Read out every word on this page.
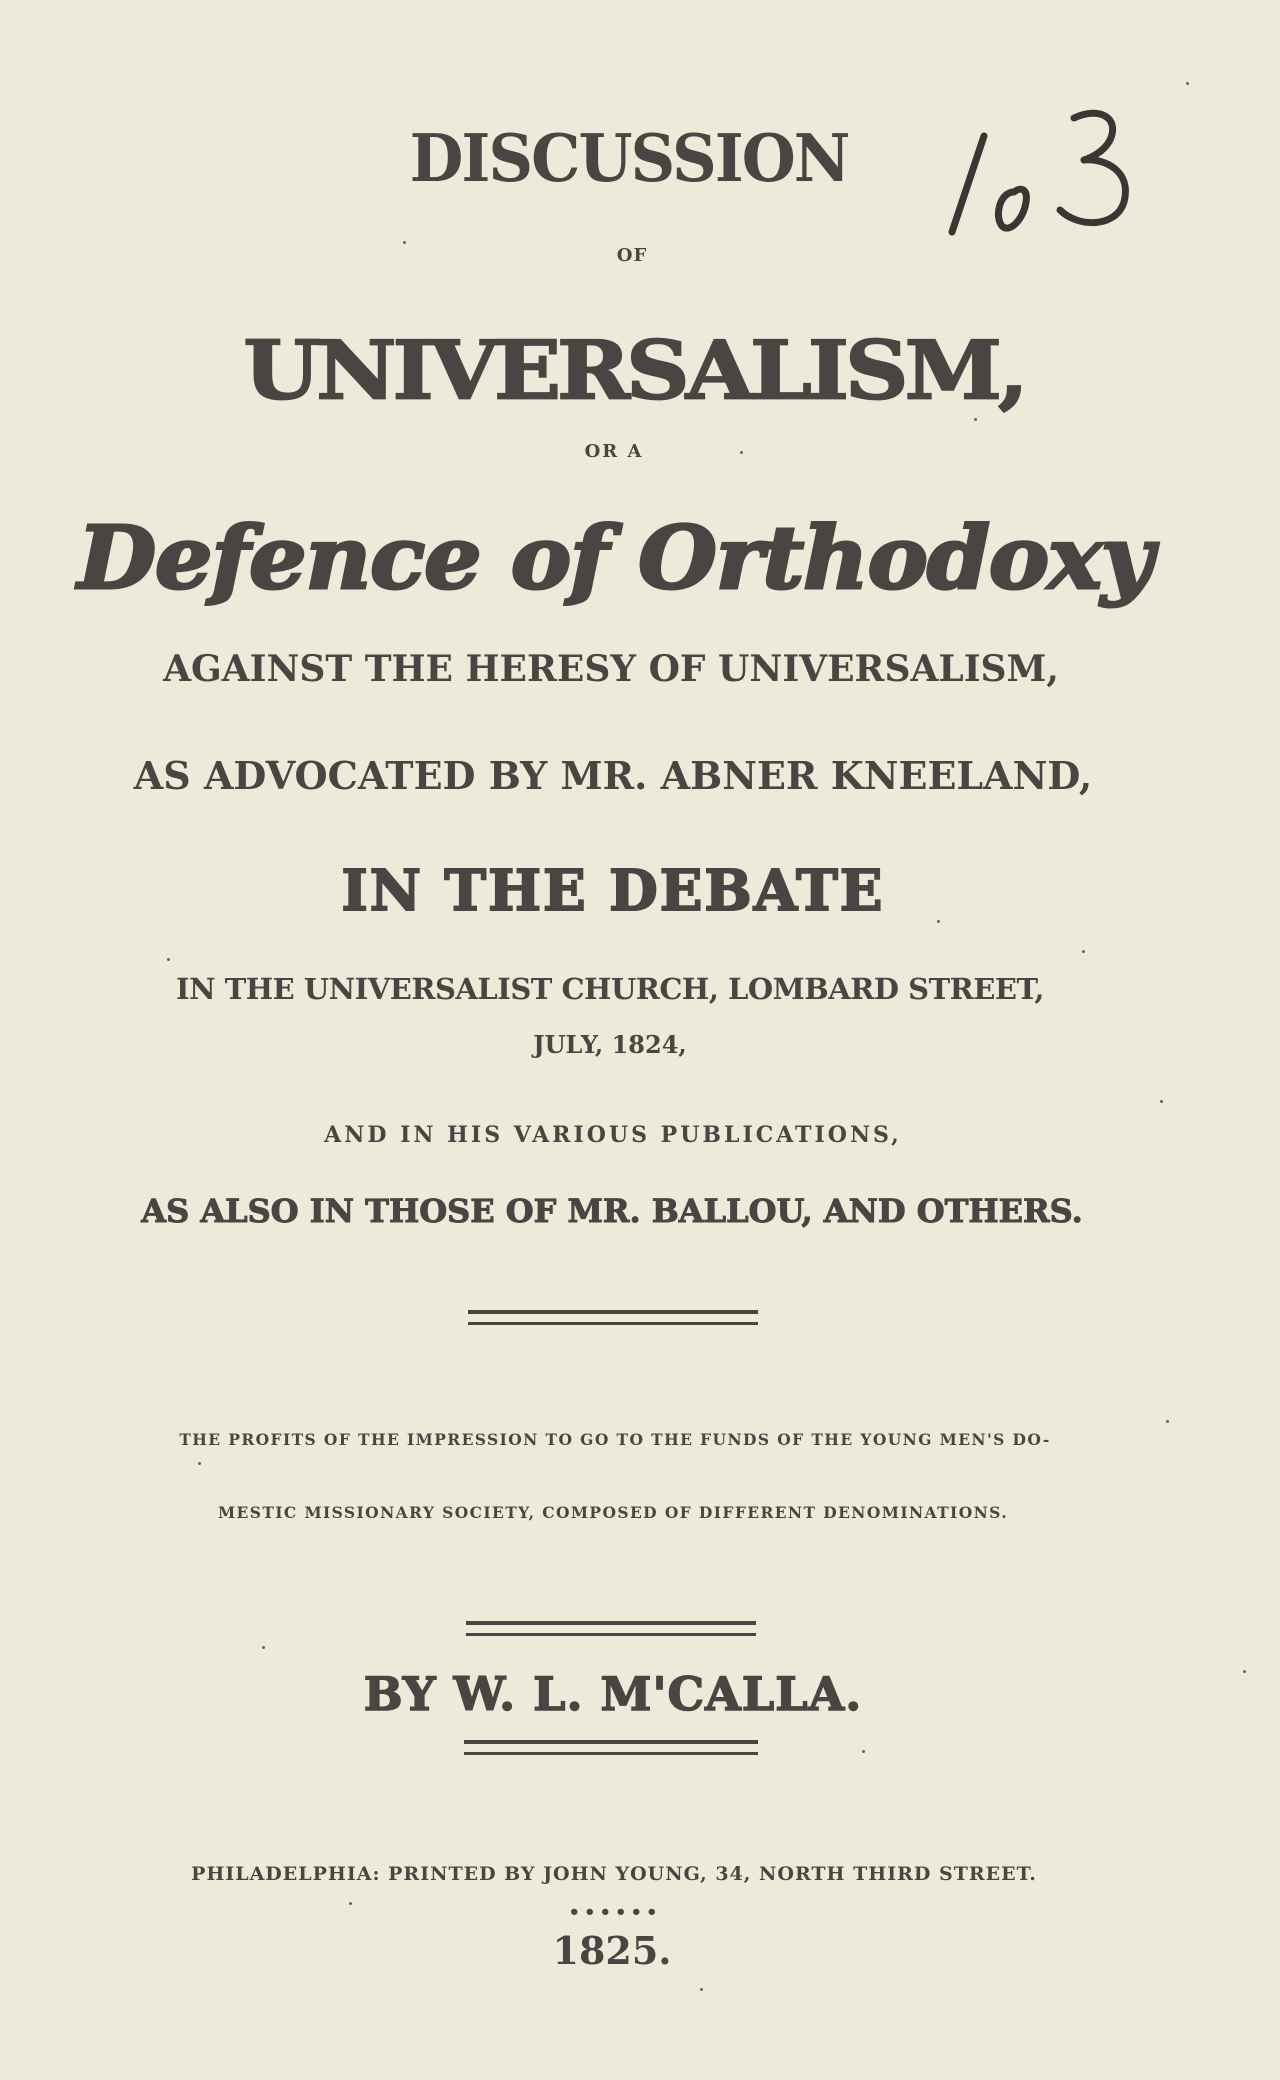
DISCUSSION
OF
UNIVERSALISM,
OR A
Defence of Orthodoxy
AGAINST THE HERESY OF UNIVERSALISM,
AS ADVOCATED BY MR. ABNER KNEELAND,
IN THE DEBATE
IN THE UNIVERSALIST CHURCH, LOMBARD STREET,
JULY, 1824,
AND IN HIS VARIOUS PUBLICATIONS,
AS ALSO IN THOSE OF MR. BALLOU, AND OTHERS.
THE PROFITS OF THE IMPRESSION TO GO TO THE FUNDS OF THE YOUNG MEN'S DO-
MESTIC MISSIONARY SOCIETY, COMPOSED OF DIFFERENT DENOMINATIONS.
BY W. L. M'CALLA.
PHILADELPHIA: PRINTED BY JOHN YOUNG, 34, NORTH THIRD STREET.
••••••
1825.
